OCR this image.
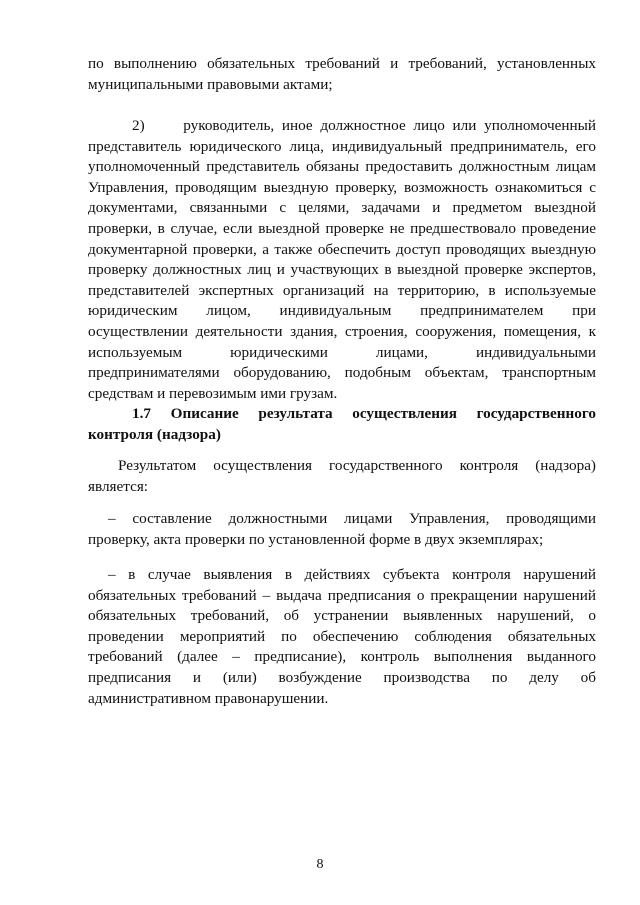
по выполнению обязательных требований и требований, установленных муниципальными правовыми актами;

2)     руководитель, иное должностное лицо или уполномоченный представитель юридического лица, индивидуальный предприниматель, его уполномоченный представитель обязаны предоставить должностным лицам Управления, проводящим выездную проверку, возможность ознакомиться с документами, связанными с целями, задачами и предметом выездной проверки, в случае, если выездной проверке не предшествовало проведение документарной проверки, а также обеспечить доступ проводящих выездную проверку должностных лиц и участвующих в выездной проверке экспертов, представителей экспертных организаций на территорию, в используемые юридическим лицом, индивидуальным предпринимателем при осуществлении деятельности здания, строения, сооружения, помещения, к используемым юридическими лицами, индивидуальными предпринимателями оборудованию, подобным объектам, транспортным средствам и перевозимым ими грузам.

1.7 Описание результата осуществления государственного контроля (надзора)

Результатом осуществления государственного контроля (надзора) является:

– составление должностными лицами Управления, проводящими проверку, акта проверки по установленной форме в двух экземплярах;

– в случае выявления в действиях субъекта контроля нарушений обязательных требований – выдача предписания о прекращении нарушений обязательных требований, об устранении выявленных нарушений, о проведении мероприятий по обеспечению соблюдения обязательных требований (далее – предписание), контроль выполнения выданного предписания и (или) возбуждение производства по делу об административном правонарушении.

8
